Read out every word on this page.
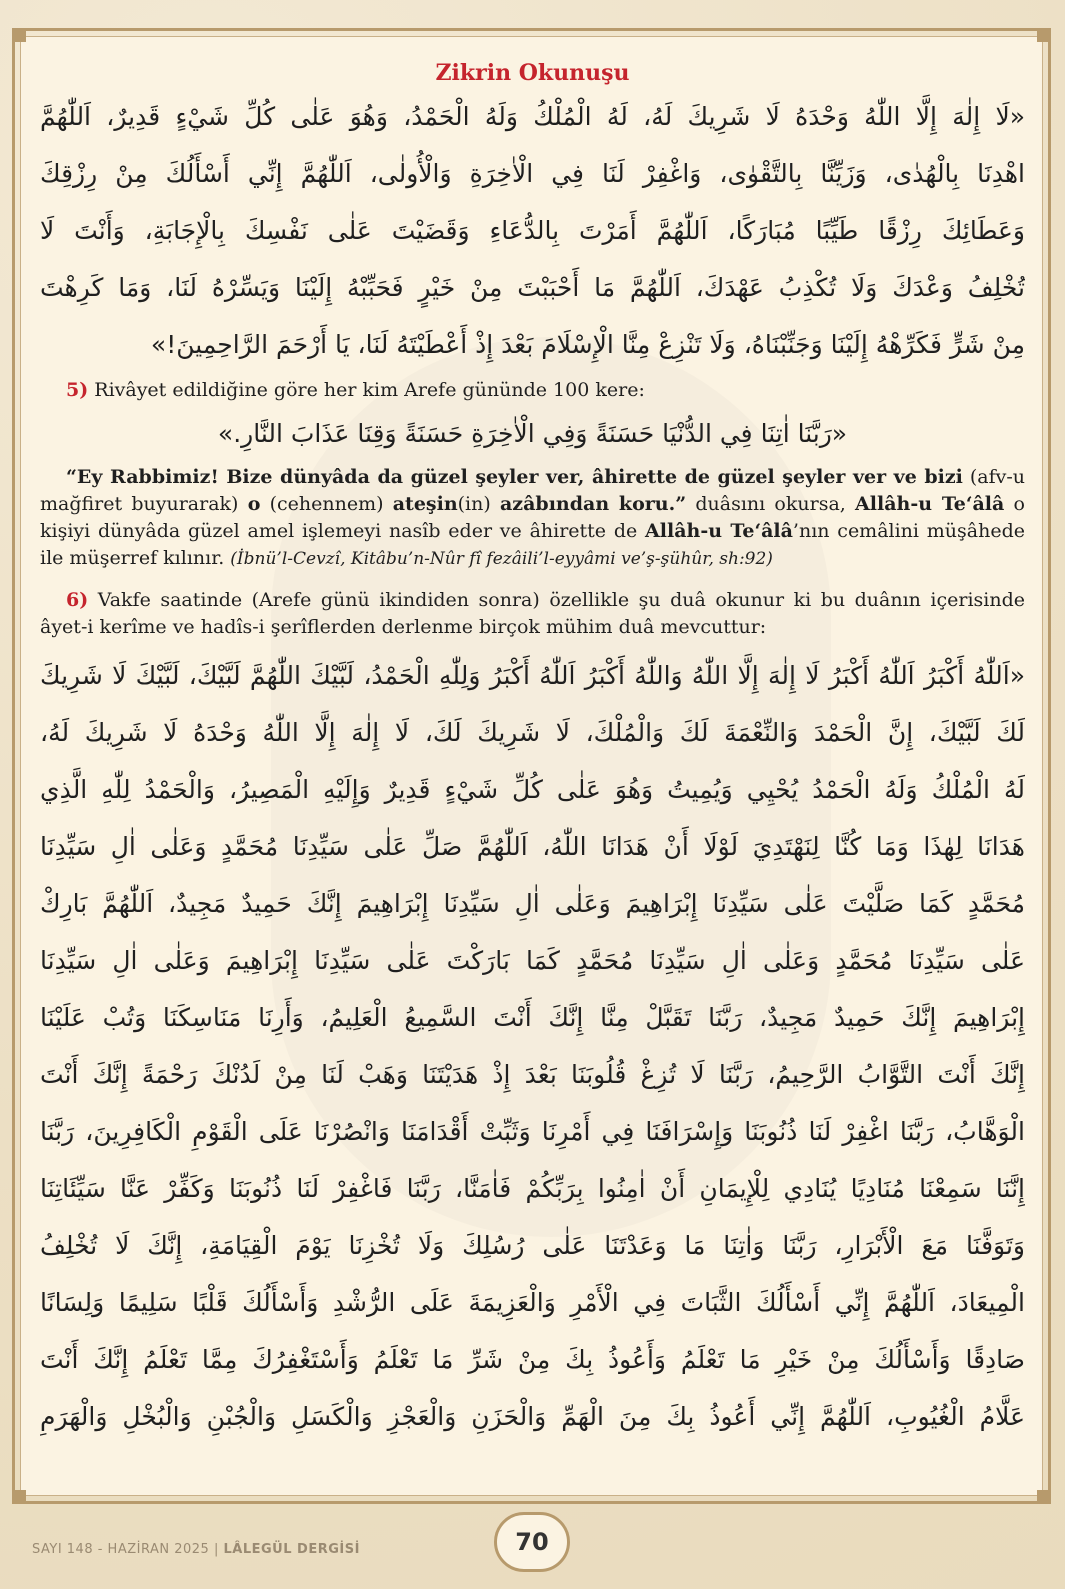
Zikrin Okunuşu
«لَا إِلٰهَ إِلَّا اللّٰهُ وَحْدَهُ لَا شَرِيكَ لَهُ، لَهُ الْمُلْكُ وَلَهُ الْحَمْدُ، وَهُوَ عَلٰى كُلِّ شَيْءٍ قَدِيرٌ، اَللّٰهُمَّ
اهْدِنَا بِالْهُدٰى، وَزَيِّنَّا بِالتَّقْوٰى، وَاغْفِرْ لَنَا فِي الْاٰخِرَةِ وَالْأُولٰى، اَللّٰهُمَّ إِنِّي أَسْأَلُكَ مِنْ رِزْقِكَ
وَعَطَائِكَ رِزْقًا طَيِّبًا مُبَارَكًا، اَللّٰهُمَّ أَمَرْتَ بِالدُّعَاءِ وَقَضَيْتَ عَلٰى نَفْسِكَ بِالْإِجَابَةِ، وَأَنْتَ لَا
تُخْلِفُ وَعْدَكَ وَلَا تُكْذِبُ عَهْدَكَ، اَللّٰهُمَّ مَا أَحْبَبْتَ مِنْ خَيْرٍ فَحَبِّبْهُ إِلَيْنَا وَيَسِّرْهُ لَنَا، وَمَا كَرِهْتَ
مِنْ شَرٍّ فَكَرِّهْهُ إِلَيْنَا وَجَنِّبْنَاهُ، وَلَا تَنْزِعْ مِنَّا الْإِسْلَامَ بَعْدَ إِذْ أَعْطَيْتَهُ لَنَا، يَا أَرْحَمَ الرَّاحِمِينَ!»

5) Rivâyet edildiğine göre her kim Arefe gününde 100 kere:

«رَبَّنَا اٰتِنَا فِي الدُّنْيَا حَسَنَةً وَفِي الْاٰخِرَةِ حَسَنَةً وَقِنَا عَذَابَ النَّارِ.»

“Ey Rabbimiz! Bize dünyâda da güzel şeyler ver, âhirette de güzel şeyler ver ve bizi (afv-u mağfiret buyurarak) o (cehennem) ateşin(in) azâbından koru.” duâsını okursa, Allâh-u Te‘âlâ o kişiyi dünyâda güzel amel işlemeyi nasîb eder ve âhirette de Allâh-u Te‘âlâ’nın cemâlini müşâhede ile müşerref kılınır. (İbnü’l-Cevzî, Kitâbu’n-Nûr fî fezâili’l-eyyâmi ve’ş-şühûr, sh:92)

6) Vakfe saatinde (Arefe günü ikindiden sonra) özellikle şu duâ okunur ki bu duânın içerisinde âyet-i kerîme ve hadîs-i şerîflerden derlenme birçok mühim duâ mevcuttur:

«اَللّٰهُ أَكْبَرُ اَللّٰهُ أَكْبَرُ لَا إِلٰهَ إِلَّا اللّٰهُ وَاللّٰهُ أَكْبَرُ اَللّٰهُ أَكْبَرُ وَلِلّٰهِ الْحَمْدُ، لَبَّيْكَ اللّٰهُمَّ لَبَّيْكَ، لَبَّيْكَ لَا شَرِيكَ
لَكَ لَبَّيْكَ، إِنَّ الْحَمْدَ وَالنِّعْمَةَ لَكَ وَالْمُلْكَ، لَا شَرِيكَ لَكَ، لَا إِلٰهَ إِلَّا اللّٰهُ وَحْدَهُ لَا شَرِيكَ لَهُ،
لَهُ الْمُلْكُ وَلَهُ الْحَمْدُ يُحْيِي وَيُمِيتُ وَهُوَ عَلٰى كُلِّ شَيْءٍ قَدِيرٌ وَإِلَيْهِ الْمَصِيرُ، وَالْحَمْدُ لِلّٰهِ الَّذِي
هَدَانَا لِهٰذَا وَمَا كُنَّا لِنَهْتَدِيَ لَوْلَا أَنْ هَدَانَا اللّٰهُ، اَللّٰهُمَّ صَلِّ عَلٰى سَيِّدِنَا مُحَمَّدٍ وَعَلٰى اٰلِ سَيِّدِنَا
مُحَمَّدٍ كَمَا صَلَّيْتَ عَلٰى سَيِّدِنَا إِبْرَاهِيمَ وَعَلٰى اٰلِ سَيِّدِنَا إِبْرَاهِيمَ إِنَّكَ حَمِيدٌ مَجِيدٌ، اَللّٰهُمَّ بَارِكْ
عَلٰى سَيِّدِنَا مُحَمَّدٍ وَعَلٰى اٰلِ سَيِّدِنَا مُحَمَّدٍ كَمَا بَارَكْتَ عَلٰى سَيِّدِنَا إِبْرَاهِيمَ وَعَلٰى اٰلِ سَيِّدِنَا
إِبْرَاهِيمَ إِنَّكَ حَمِيدٌ مَجِيدٌ، رَبَّنَا تَقَبَّلْ مِنَّا إِنَّكَ أَنْتَ السَّمِيعُ الْعَلِيمُ، وَأَرِنَا مَنَاسِكَنَا وَتُبْ عَلَيْنَا
إِنَّكَ أَنْتَ التَّوَّابُ الرَّحِيمُ، رَبَّنَا لَا تُزِغْ قُلُوبَنَا بَعْدَ إِذْ هَدَيْتَنَا وَهَبْ لَنَا مِنْ لَدُنْكَ رَحْمَةً إِنَّكَ أَنْتَ
الْوَهَّابُ، رَبَّنَا اغْفِرْ لَنَا ذُنُوبَنَا وَإِسْرَافَنَا فِي أَمْرِنَا وَثَبِّتْ أَقْدَامَنَا وَانْصُرْنَا عَلَى الْقَوْمِ الْكَافِرِينَ، رَبَّنَا
إِنَّنَا سَمِعْنَا مُنَادِيًا يُنَادِي لِلْإِيمَانِ أَنْ اٰمِنُوا بِرَبِّكُمْ فَاٰمَنَّا، رَبَّنَا فَاغْفِرْ لَنَا ذُنُوبَنَا وَكَفِّرْ عَنَّا سَيِّئَاتِنَا
وَتَوَفَّنَا مَعَ الْأَبْرَارِ، رَبَّنَا وَاٰتِنَا مَا وَعَدْتَنَا عَلٰى رُسُلِكَ وَلَا تُخْزِنَا يَوْمَ الْقِيَامَةِ، إِنَّكَ لَا تُخْلِفُ
الْمِيعَادَ، اَللّٰهُمَّ إِنِّي أَسْأَلُكَ الثَّبَاتَ فِي الْأَمْرِ وَالْعَزِيمَةَ عَلَى الرُّشْدِ وَأَسْأَلُكَ قَلْبًا سَلِيمًا وَلِسَانًا
صَادِقًا وَأَسْأَلُكَ مِنْ خَيْرِ مَا تَعْلَمُ وَأَعُوذُ بِكَ مِنْ شَرِّ مَا تَعْلَمُ وَأَسْتَغْفِرُكَ مِمَّا تَعْلَمُ إِنَّكَ أَنْتَ
عَلَّامُ الْغُيُوبِ، اَللّٰهُمَّ إِنِّي أَعُوذُ بِكَ مِنَ الْهَمِّ وَالْحَزَنِ وَالْعَجْزِ وَالْكَسَلِ وَالْجُبْنِ وَالْبُخْلِ وَالْهَرَمِ
SAYI 148 - HAZİRAN 2025 | LÂLEGÜL DERGİSİ	70
